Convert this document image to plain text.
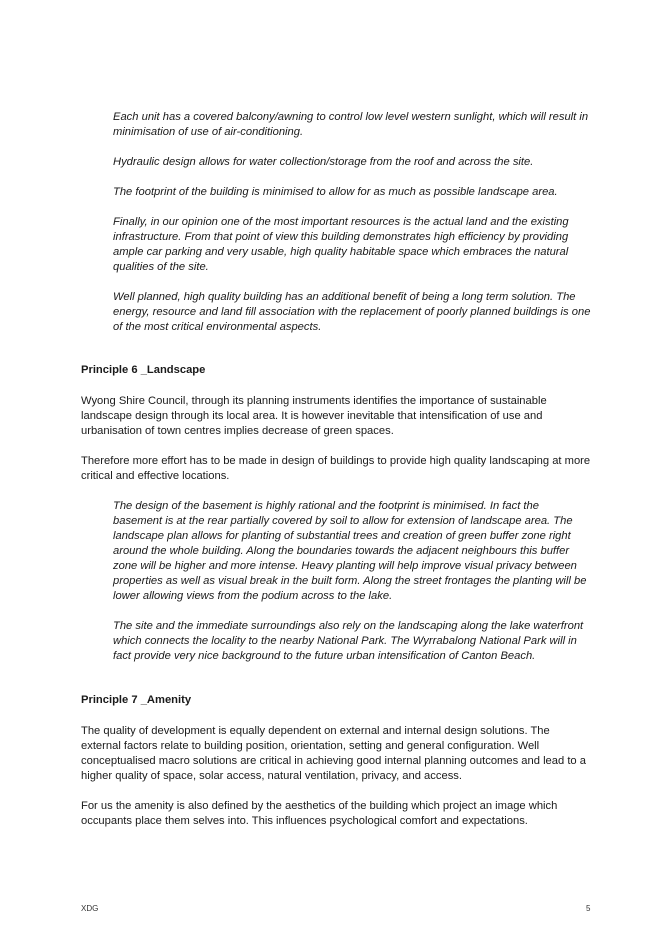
Each unit has a covered balcony/awning to control low level western sunlight, which will result in minimisation of use of air-conditioning.

Hydraulic design allows for water collection/storage from the roof and across the site.

The footprint of the building is minimised to allow for as much as possible landscape area.

Finally, in our opinion one of the most important resources is the actual land and the existing infrastructure. From that point of view this building demonstrates high efficiency by providing ample car parking and very usable, high quality habitable space which embraces the natural qualities of the site.

Well planned, high quality building has an additional benefit of being a long term solution. The energy, resource and land fill association with the replacement of poorly planned buildings is one of the most critical environmental aspects.

Principle 6 _Landscape

Wyong Shire Council, through its planning instruments identifies the importance of sustainable landscape design through its local area. It is however inevitable that intensification of use and urbanisation of town centres implies decrease of green spaces.

Therefore more effort has to be made in design of buildings to provide high quality landscaping at more critical and effective locations.

The design of the basement is highly rational and the footprint is minimised. In fact the basement is at the rear partially covered by soil to allow for extension of landscape area. The landscape plan allows for planting of substantial trees and creation of green buffer zone right around the whole building. Along the boundaries towards the adjacent neighbours this buffer zone will be higher and more intense. Heavy planting will help improve visual privacy between properties as well as visual break in the built form. Along the street frontages the planting will be lower allowing views from the podium across to the lake.

The site and the immediate surroundings also rely on the landscaping along the lake waterfront which connects the locality to the nearby National Park. The Wyrrabalong National Park will in fact provide very nice background to the future urban intensification of Canton Beach.

Principle 7 _Amenity

The quality of development is equally dependent on external and internal design solutions. The external factors relate to building position, orientation, setting and general configuration. Well conceptualised macro solutions are critical in achieving good internal planning outcomes and lead to a higher quality of space, solar access, natural ventilation, privacy, and access.

For us the amenity is also defined by the aesthetics of the building which project an image which occupants place them selves into. This influences psychological comfort and expectations.

XDG	5
